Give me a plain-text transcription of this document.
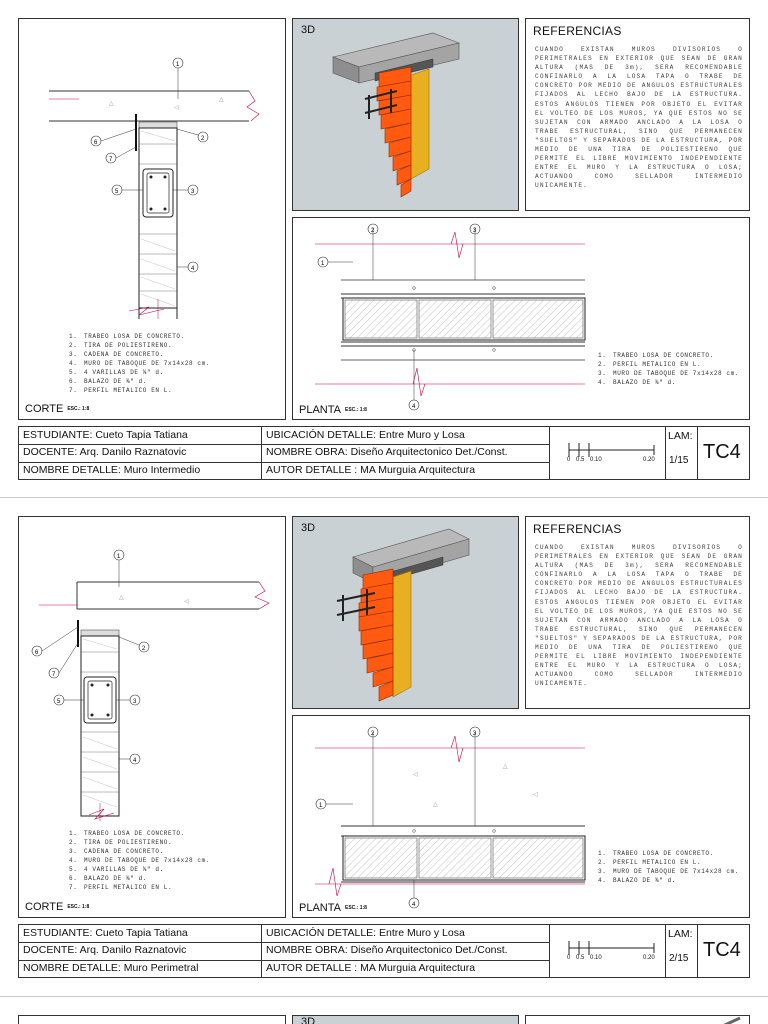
△
◁
△
1
2
3
4
5
6
7
1. TRABEO LOSA DE CONCRETO.
2. TIRA DE POLIESTIRENO.
3. CADENA DE CONCRETO.
4. MURO DE TABOQUE DE 7x14x28 cm.
5. 4 VARILLAS DE ⅜" d.
6. BALAZO DE ⅜" d.
7. PERFIL METALICO EN L.
CORTE ESC.: 1:8
3D	REFERENCIAS
CUANDO EXISTAN MUROS DIVISORIOS O PERIMETRALES EN EXTERIOR QUE SEAN DE GRAN ALTURA (MAS DE 3m), SERA RECOMENDABLE CONFINARLO A LA LOSA TAPA O TRABE DE CONCRETO POR MEDIO DE ANGULOS ESTRUCTURALES FIJADOS AL LECHO BAJO DE LA ESTRUCTURA. ESTOS ANGULOS TIENEN POR OBJETO EL EVITAR EL VOLTEO DE LOS MUROS, YA QUE ESTOS NO SE SUJETAN CON ARMADO ANCLADO A LA LOSA O TRABE ESTRUCTURAL, SINO QUE PERMANECEN "SUELTOS" Y SEPARADOS DE LA ESTRUCTURA, POR MEDIO DE UNA TIRA DE POLIESTIRENO QUE PERMITE EL LIBRE MOVIMIENTO INDEPENDIENTE ENTRE EL MURO Y LA ESTRUCTURA O LOSA; ACTUANDO COMO SELLADOR INTERMEDIO UNICAMENTE.
2	3
1
4
1. TRABEO LOSA DE CONCRETO.
2. PERFIL METALICO EN L.
3. MURO DE TABOQUE DE 7x14x28 cm.
4. BALAZO DE ⅜" d.
PLANTA ESC.: 1:8
ESTUDIANTE: Cueto Tapia Tatiana
DOCENTE: Arq. Danilo Raznatovic
NOMBRE DETALLE: Muro Intermedio
UBICACIÓN DETALLE: Entre Muro y Losa
NOMBRE OBRA: Diseño Arquitectonico Det./Const.
AUTOR DETALLE : MA Murguia Arquitectura
0 0.5 0.10	0.20
LAM:
1/15 TC4
△
◁
1
2
3
4
5
6
7
1. TRABEO LOSA DE CONCRETO.
2. TIRA DE POLIESTIRENO.
3. CADENA DE CONCRETO.
4. MURO DE TABOQUE DE 7x14x28 cm.
5. 4 VARILLAS DE ⅜" d.
6. BALAZO DE ⅜" d.
7. PERFIL METALICO EN L.
CORTE ESC.: 1:8
3D	REFERENCIAS
CUANDO EXISTAN MUROS DIVISORIOS O PERIMETRALES EN EXTERIOR QUE SEAN DE GRAN ALTURA (MAS DE 3m), SERA RECOMENDABLE CONFINARLO A LA LOSA TAPA O TRABE DE CONCRETO POR MEDIO DE ANGULOS ESTRUCTURALES FIJADOS AL LECHO BAJO DE LA ESTRUCTURA. ESTOS ANGULOS TIENEN POR OBJETO EL EVITAR EL VOLTEO DE LOS MUROS, YA QUE ESTOS NO SE SUJETAN CON ARMADO ANCLADO A LA LOSA O TRABE ESTRUCTURAL, SINO QUE PERMANECEN "SUELTOS" Y SEPARADOS DE LA ESTRUCTURA, POR MEDIO DE UNA TIRA DE POLIESTIRENO QUE PERMITE EL LIBRE MOVIMIENTO INDEPENDIENTE ENTRE EL MURO Y LA ESTRUCTURA O LOSA; ACTUANDO COMO SELLADOR INTERMEDIO UNICAMENTE.
2	3
1
◁
△
△
◁
4
1. TRABEO LOSA DE CONCRETO.
2. PERFIL METALICO EN L.
3. MURO DE TABOQUE DE 7x14x28 cm.
4. BALAZO DE ⅜" d.
PLANTA ESC.: 1:8
ESTUDIANTE: Cueto Tapia Tatiana
DOCENTE: Arq. Danilo Raznatovic
NOMBRE DETALLE: Muro Perimetral
UBICACIÓN DETALLE: Entre Muro y Losa
NOMBRE OBRA: Diseño Arquitectonico Det./Const.
AUTOR DETALLE : MA Murguia Arquitectura
0 0.5 0.10	0.20
LAM:
2/15 TC4
3D
